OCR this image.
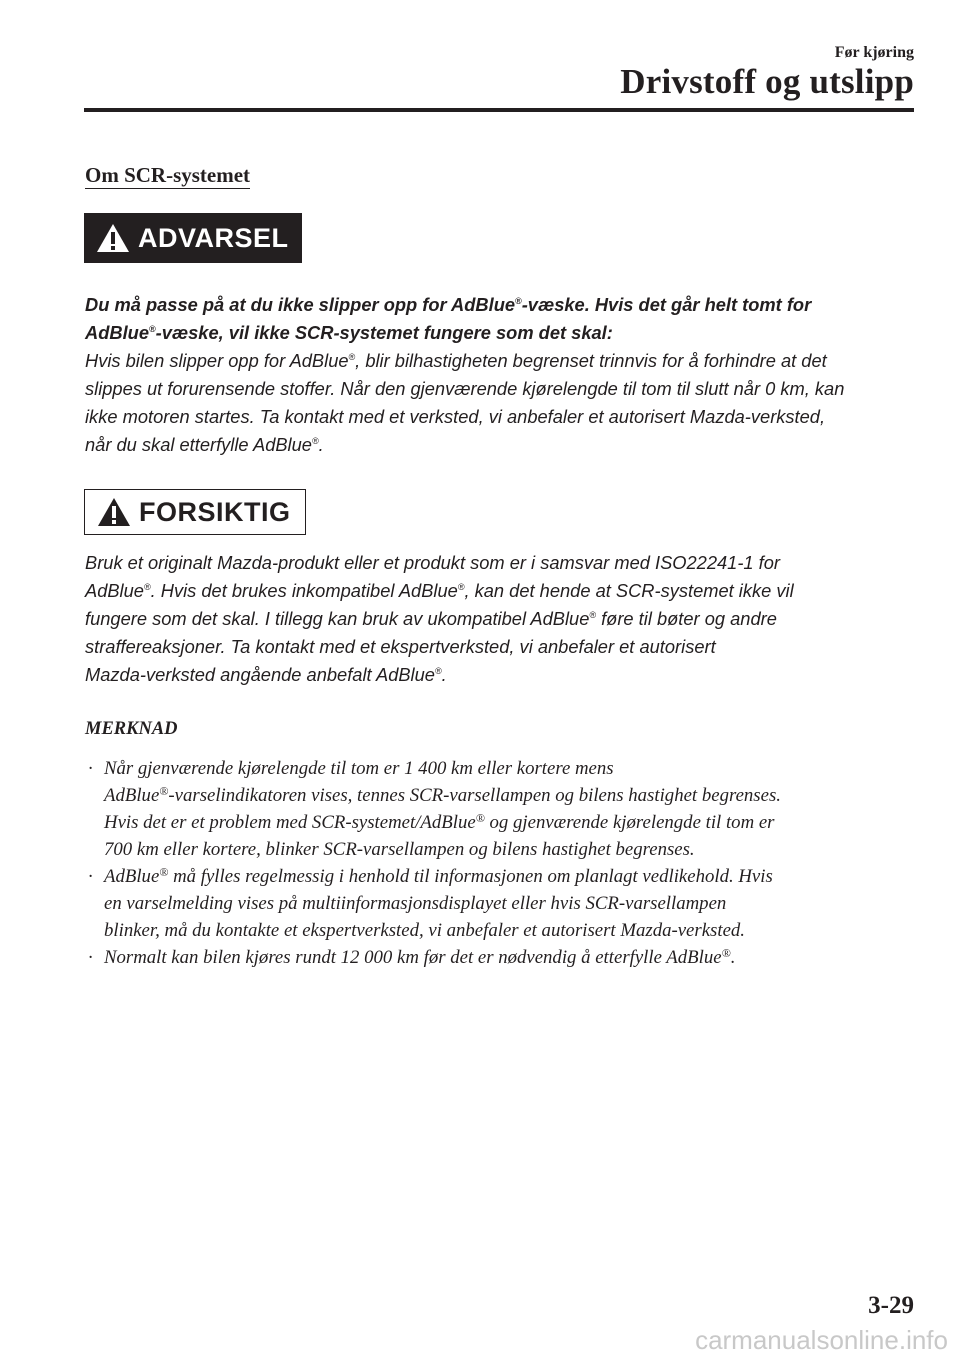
Før kjøring
Drivstoff og utslipp
Om SCR-systemet
ADVARSEL
Du må passe på at du ikke slipper opp for AdBlue®-væske. Hvis det går helt tomt for
AdBlue®-væske, vil ikke SCR-systemet fungere som det skal:
Hvis bilen slipper opp for AdBlue®, blir bilhastigheten begrenset trinnvis for å forhindre at det
slippes ut forurensende stoffer. Når den gjenværende kjørelengde til tom til slutt når 0 km, kan
ikke motoren startes. Ta kontakt med et verksted, vi anbefaler et autorisert Mazda-verksted,
når du skal etterfylle AdBlue®.
FORSIKTIG
Bruk et originalt Mazda-produkt eller et produkt som er i samsvar med ISO22241-1 for
AdBlue®. Hvis det brukes inkompatibel AdBlue®, kan det hende at SCR-systemet ikke vil
fungere som det skal. I tillegg kan bruk av ukompatibel AdBlue® føre til bøter og andre
straffereaksjoner. Ta kontakt med et ekspertverksted, vi anbefaler et autorisert
Mazda-verksted angående anbefalt AdBlue®.
MERKNAD
· Når gjenværende kjørelengde til tom er 1 400 km eller kortere mens
AdBlue®-varselindikatoren vises, tennes SCR-varsellampen og bilens hastighet begrenses.
Hvis det er et problem med SCR-systemet/AdBlue® og gjenværende kjørelengde til tom er
700 km eller kortere, blinker SCR-varsellampen og bilens hastighet begrenses.
· AdBlue® må fylles regelmessig i henhold til informasjonen om planlagt vedlikehold. Hvis
en varselmelding vises på multiinformasjonsdisplayet eller hvis SCR-varsellampen
blinker, må du kontakte et ekspertverksted, vi anbefaler et autorisert Mazda-verksted.
· Normalt kan bilen kjøres rundt 12 000 km før det er nødvendig å etterfylle AdBlue®.
3-29
carmanualsonline.info
